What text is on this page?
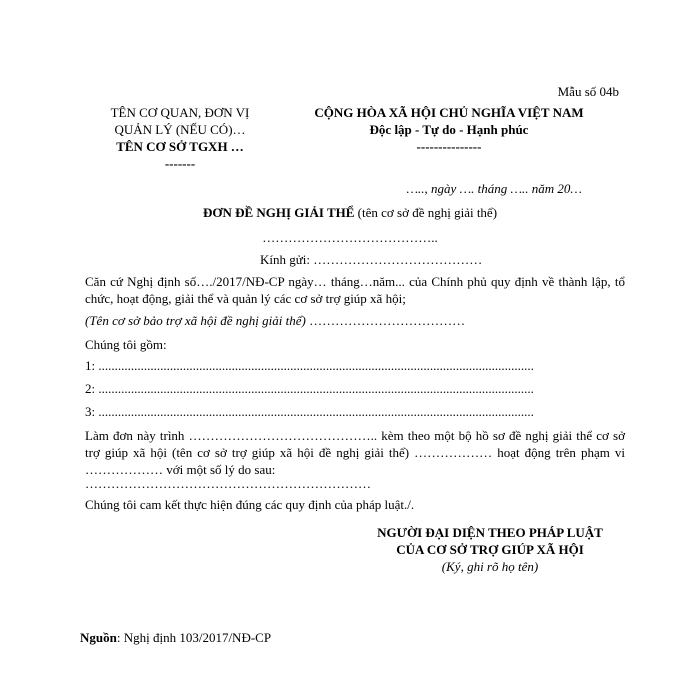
Mẫu số 04b
TÊN CƠ QUAN, ĐƠN VỊ
QUẢN LÝ (NẾU CÓ)…
TÊN CƠ SỞ TGXH …
-------
CỘNG HÒA XÃ HỘI CHỦ NGHĨA VIỆT NAM
Độc lập - Tự do - Hạnh phúc
---------------
….., ngày …. tháng ….. năm 20…
ĐƠN ĐỀ NGHỊ GIẢI THỂ (tên cơ sở đề nghị giải thể)
…………………………………..
Kính gửi: …………………………………
Căn cứ Nghị định số…./2017/NĐ-CP ngày… tháng…năm... của Chính phủ quy định về thành lập, tổ chức, hoạt động, giải thể và quản lý các cơ sở trợ giúp xã hội;
(Tên cơ sở bảo trợ xã hội đề nghị giải thể) ………………………………
Chúng tôi gồm:
1: ......................................................................................................................................
2: ......................................................................................................................................
3: ......................................................................................................................................
Làm đơn này trình …………………………………….. kèm theo một bộ hồ sơ đề nghị giải thể cơ sở trợ giúp xã hội (tên cơ sở trợ giúp xã hội đề nghị giải thể) ……………… hoạt động trên phạm vi ……………… với một số lý do sau:
…………………………………………………………
Chúng tôi cam kết thực hiện đúng các quy định của pháp luật./.
NGƯỜI ĐẠI DIỆN THEO PHÁP LUẬT
CỦA CƠ SỞ TRỢ GIÚP XÃ HỘI
(Ký, ghi rõ họ tên)
Nguồn: Nghị định 103/2017/NĐ-CP
